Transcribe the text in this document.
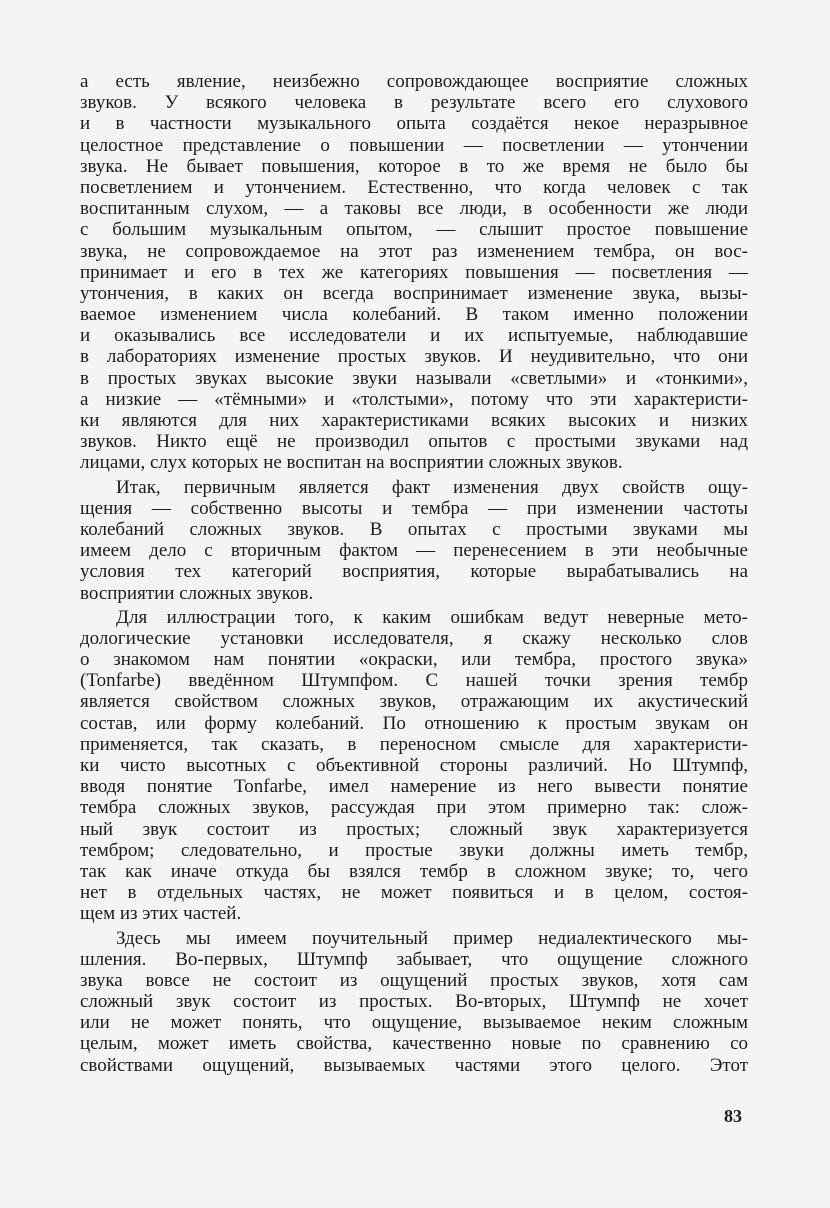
а есть явление, неизбежно сопровождающее восприятие сложных
звуков. У всякого человека в результате всего его слухового
и в частности музыкального опыта создаётся некое неразрывное
целостное представление о повышении — посветлении — утончении
звука. Не бывает повышения, которое в то же время не было бы
посветлением и утончением. Естественно, что когда человек с так
воспитанным слухом, — а таковы все люди, в особенности же люди
с большим музыкальным опытом, — слышит простое повышение
звука, не сопровождаемое на этот раз изменением тембра, он вос-
принимает и его в тех же категориях повышения — посветления —
утончения, в каких он всегда воспринимает изменение звука, вызы-
ваемое изменением числа колебаний. В таком именно положении
и оказывались все исследователи и их испытуемые, наблюдавшие
в лабораториях изменение простых звуков. И неудивительно, что они
в простых звуках высокие звуки называли «светлыми» и «тонкими»,
а низкие — «тёмными» и «толстыми», потому что эти характеристи-
ки являются для них характеристиками всяких высоких и низких
звуков. Никто ещё не производил опытов с простыми звуками над
лицами, слух которых не воспитан на восприятии сложных звуков.
Итак, первичным является факт изменения двух свойств ощу-
щения — собственно высоты и тембра — при изменении частоты
колебаний сложных звуков. В опытах с простыми звуками мы
имеем дело с вторичным фактом — перенесением в эти необычные
условия тех категорий восприятия, которые вырабатывались на
восприятии сложных звуков.
Для иллюстрации того, к каким ошибкам ведут неверные мето-
дологические установки исследователя, я скажу несколько слов
о знакомом нам понятии «окраски, или тембра, простого звука»
(Tonfarbe) введённом Штумпфом. С нашей точки зрения тембр
является свойством сложных звуков, отражающим их акустический
состав, или форму колебаний. По отношению к простым звукам он
применяется, так сказать, в переносном смысле для характеристи-
ки чисто высотных с объективной стороны различий. Но Штумпф,
вводя понятие Tonfarbe, имел намерение из него вывести понятие
тембра сложных звуков, рассуждая при этом примерно так: слож-
ный звук состоит из простых; сложный звук характеризуется
тембром; следовательно, и простые звуки должны иметь тембр,
так как иначе откуда бы взялся тембр в сложном звуке; то, чего
нет в отдельных частях, не может появиться и в целом, состоя-
щем из этих частей.
Здесь мы имеем поучительный пример недиалектического мы-
шления. Во-первых, Штумпф забывает, что ощущение сложного
звука вовсе не состоит из ощущений простых звуков, хотя сам
сложный звук состоит из простых. Во-вторых, Штумпф не хочет
или не может понять, что ощущение, вызываемое неким сложным
целым, может иметь свойства, качественно новые по сравнению со
свойствами ощущений, вызываемых частями этого целого. Этот
83
